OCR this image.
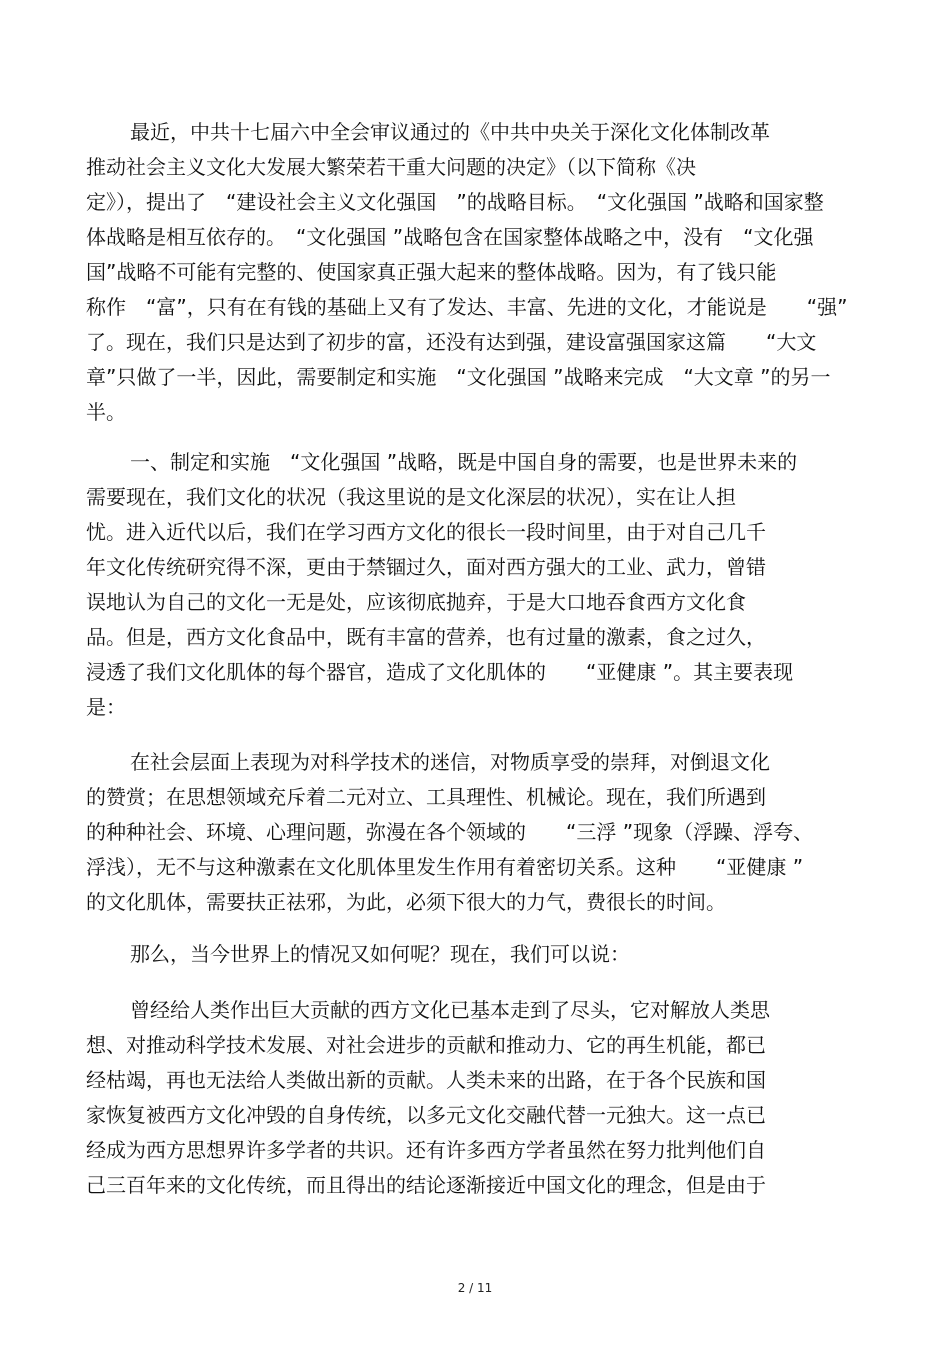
最近，中共十七届六中全会审议通过的《中共中央关于深化文化体制改革
推动社会主义文化大发展大繁荣若干重大问题的决定》（以下简称《决
定》），提出了　“建设社会主义文化强国　”的战略目标。　“文化强国 ”战略和国家整
体战略是相互依存的。　“文化强国 ”战略包含在国家整体战略之中，没有　“文化强
国”战略不可能有完整的、使国家真正强大起来的整体战略。因为，有了钱只能
称作　“富”，只有在有钱的基础上又有了发达、丰富、先进的文化，才能说是　　“强”
了。现在，我们只是达到了初步的富，还没有达到强，建设富强国家这篇　　“大文
章”只做了一半，因此，需要制定和实施　“文化强国 ”战略来完成　“大文章 ”的另一
半。
一、制定和实施　“文化强国 ”战略，既是中国自身的需要，也是世界未来的
需要现在，我们文化的状况（我这里说的是文化深层的状况），实在让人担
忧。进入近代以后，我们在学习西方文化的很长一段时间里，由于对自己几千
年文化传统研究得不深，更由于禁锢过久，面对西方强大的工业、武力，曾错
误地认为自己的文化一无是处，应该彻底抛弃，于是大口地吞食西方文化食
品。但是，西方文化食品中，既有丰富的营养，也有过量的激素，食之过久，
浸透了我们文化肌体的每个器官，造成了文化肌体的　　“亚健康 ”。其主要表现
是：
在社会层面上表现为对科学技术的迷信，对物质享受的崇拜，对倒退文化
的赞赏；在思想领域充斥着二元对立、工具理性、机械论。现在，我们所遇到
的种种社会、环境、心理问题，弥漫在各个领域的　　“三浮 ”现象（浮躁、浮夸、
浮浅），无不与这种激素在文化肌体里发生作用有着密切关系。这种　　“亚健康 ”
的文化肌体，需要扶正祛邪，为此，必须下很大的力气，费很长的时间。
那么，当今世界上的情况又如何呢？现在，我们可以说：
曾经给人类作出巨大贡献的西方文化已基本走到了尽头，它对解放人类思
想、对推动科学技术发展、对社会进步的贡献和推动力、它的再生机能，都已
经枯竭，再也无法给人类做出新的贡献。人类未来的出路，在于各个民族和国
家恢复被西方文化冲毁的自身传统，以多元文化交融代替一元独大。这一点已
经成为西方思想界许多学者的共识。还有许多西方学者虽然在努力批判他们自
己三百年来的文化传统，而且得出的结论逐渐接近中国文化的理念，但是由于
2 / 11
